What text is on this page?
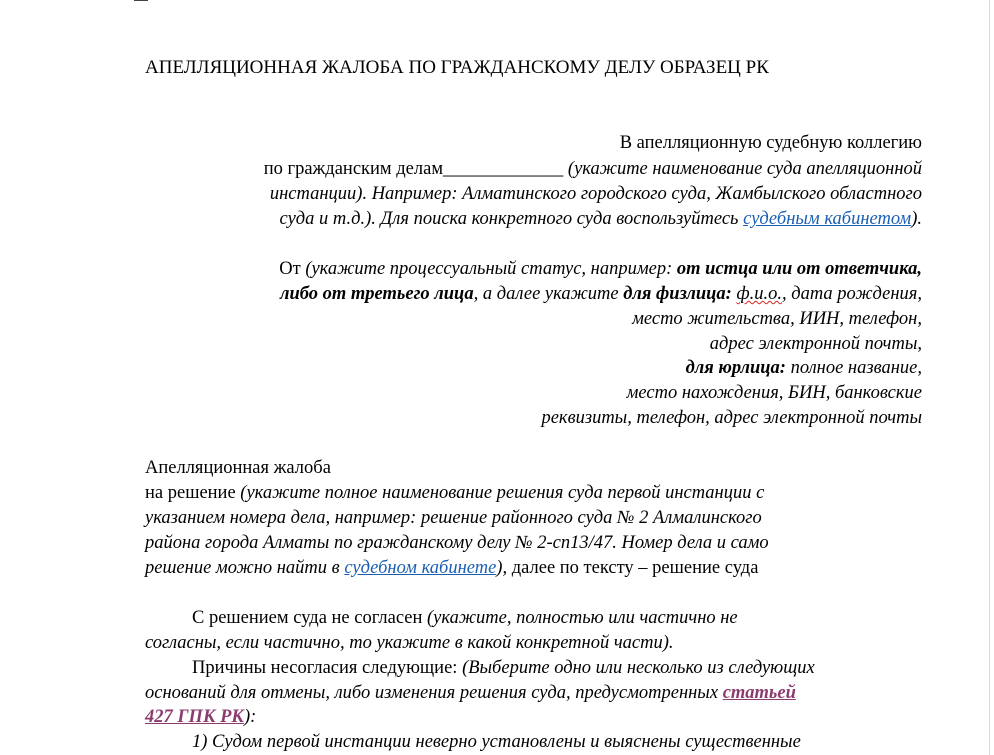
АПЕЛЛЯЦИОННАЯ ЖАЛОБА ПО ГРАЖДАНСКОМУ ДЕЛУ ОБРАЗЕЦ РК
В апелляционную судебную коллегию
по гражданским делам_____________ (укажите наименование суда апелляционной
инстанции). Например: Алматинского городского суда, Жамбылского областного
суда и т.д.). Для поиска конкретного суда воспользуйтесь судебным кабинетом).
От (укажите процессуальный статус, например: от истца или от ответчика,
либо от третьего лица, а далее укажите для физлица: ф.и.о., дата рождения,
место жительства, ИИН, телефон,
адрес электронной почты,
для юрлица: полное название,
место нахождения, БИН, банковские
реквизиты, телефон, адрес электронной почты
Апелляционная жалоба
на решение (укажите полное наименование решения суда первой инстанции с
указанием номера дела, например: решение районного суда № 2 Алмалинского
района города Алматы по гражданскому делу № 2-сп13/47. Номер дела и само
решение можно найти в судебном кабинете), далее по тексту – решение суда
С решением суда не согласен (укажите, полностью или частично не
согласны, если частично, то укажите в какой конкретной части).
Причины несогласия следующие: (Выберите одно или несколько из следующих
оснований для отмены, либо изменения решения суда, предусмотренных статьей
427 ГПК РК):
1) Судом первой инстанции неверно установлены и выяснены существенные
